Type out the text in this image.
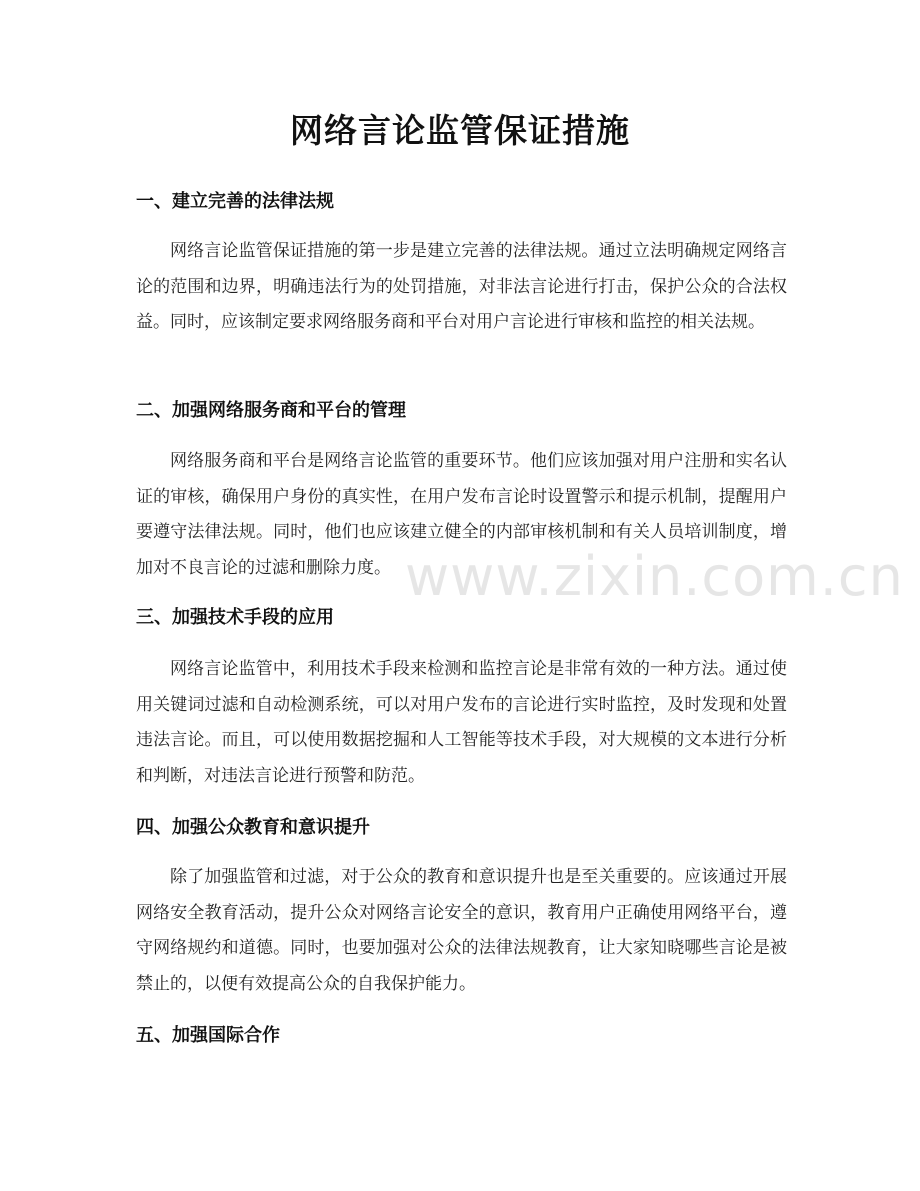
网络言论监管保证措施
一、建立完善的法律法规

网络言论监管保证措施的第一步是建立完善的法律法规。通过立法明确规定网络言论的范围和边界，明确违法行为的处罚措施，对非法言论进行打击，保护公众的合法权益。同时，应该制定要求网络服务商和平台对用户言论进行审核和监控的相关法规。

二、加强网络服务商和平台的管理

网络服务商和平台是网络言论监管的重要环节。他们应该加强对用户注册和实名认证的审核，确保用户身份的真实性，在用户发布言论时设置警示和提示机制，提醒用户要遵守法律法规。同时，他们也应该建立健全的内部审核机制和有关人员培训制度，增加对不良言论的过滤和删除力度。

三、加强技术手段的应用

网络言论监管中，利用技术手段来检测和监控言论是非常有效的一种方法。通过使用关键词过滤和自动检测系统，可以对用户发布的言论进行实时监控，及时发现和处置违法言论。而且，可以使用数据挖掘和人工智能等技术手段，对大规模的文本进行分析和判断，对违法言论进行预警和防范。

四、加强公众教育和意识提升

除了加强监管和过滤，对于公众的教育和意识提升也是至关重要的。应该通过开展网络安全教育活动，提升公众对网络言论安全的意识，教育用户正确使用网络平台，遵守网络规约和道德。同时，也要加强对公众的法律法规教育，让大家知晓哪些言论是被禁止的，以便有效提高公众的自我保护能力。

五、加强国际合作
www.zixin.com.cn
